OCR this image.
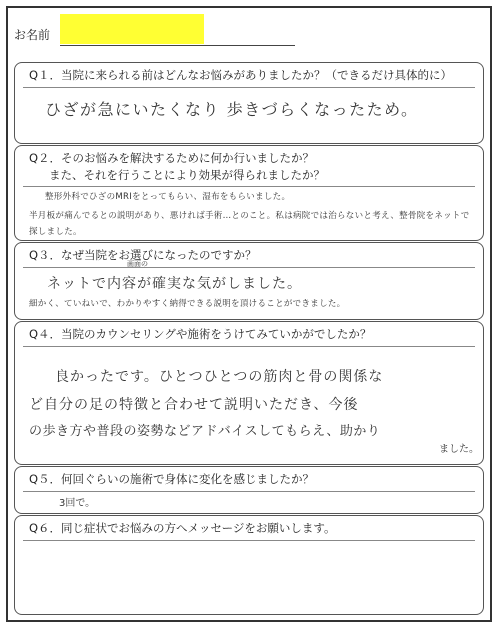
お名前
Q１．当院に来られる前はどんなお悩みがありましたか？（できるだけ具体的に）
ひざが急にいたくなり 歩きづらくなったため。
Q２．そのお悩みを解決するために何か行いましたか？
また、それを行うことにより効果が得られましたか？
整形外科でひざのMRIをとってもらい、湿布をもらいました。
半月板が痛んでるとの説明があり、悪ければ手術…とのこと。私は病院では治らないと考え、整骨院をネットで探しました。
Q３．なぜ当院をお選びになったのですか？
画面の
ネットで内容が確実な気がしました。
細かく、ていねいで、わかりやすく納得できる説明を頂けることができました。
Q４．当院のカウンセリングや施術をうけてみていかがでしたか？
良かったです。ひとつひとつの筋肉と骨の関係な
ど自分の足の特徴と合わせて説明いただき、今後
の歩き方や普段の姿勢などアドバイスしてもらえ、助かり
ました。
Q５．何回ぐらいの施術で身体に変化を感じましたか？
3回で。
Q６．同じ症状でお悩みの方へメッセージをお願いします。
